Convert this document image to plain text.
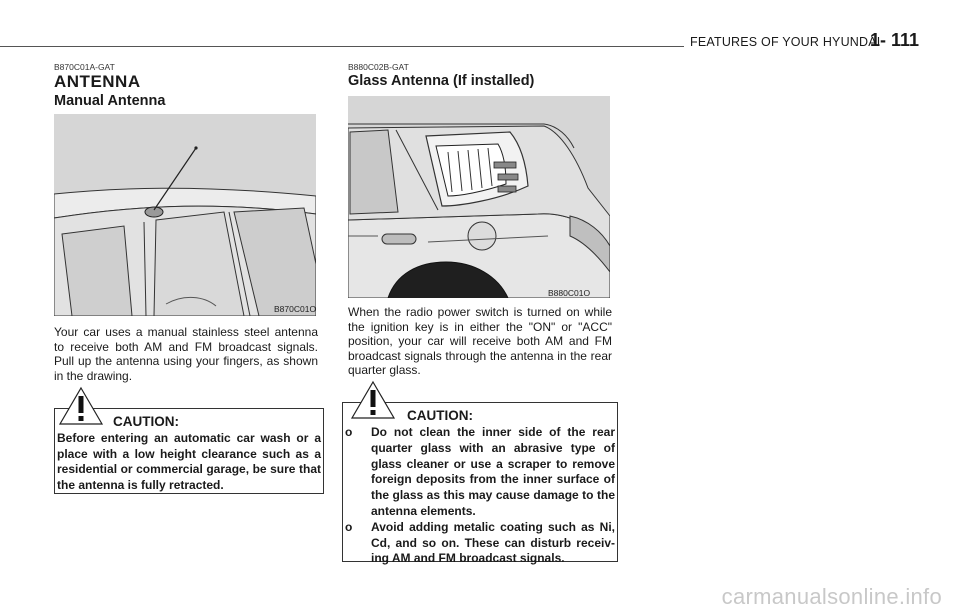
FEATURES OF YOUR HYUNDAI
1- 111
B870C01A-GAT
ANTENNA
Manual Antenna
B870C01O
Your car uses a manual stainless steel antenna to receive both AM and FM broadcast signals. Pull up the antenna using your fingers, as shown in the drawing.
CAUTION:
Before entering an automatic car wash or a place with a low height clearance such as a residential or commercial garage, be sure that the antenna is fully retracted.
B880C02B-GAT
Glass Antenna (If installed)
B880C01O
When the radio power switch is turned on while the ignition key is in either the "ON" or "ACC" position, your car will receive both AM and FM broadcast signals through the antenna in the rear quarter glass.
CAUTION:
o Do not clean the inner side of the rear quarter glass with an abrasive type of glass cleaner or use a scraper to remove foreign deposits from the inner surface of the glass as this may cause damage to the antenna elements.
o Avoid adding metalic coating such as Ni, Cd, and so on. These can disturb receiv- ing AM and FM broadcast signals.
carmanualsonline.info
